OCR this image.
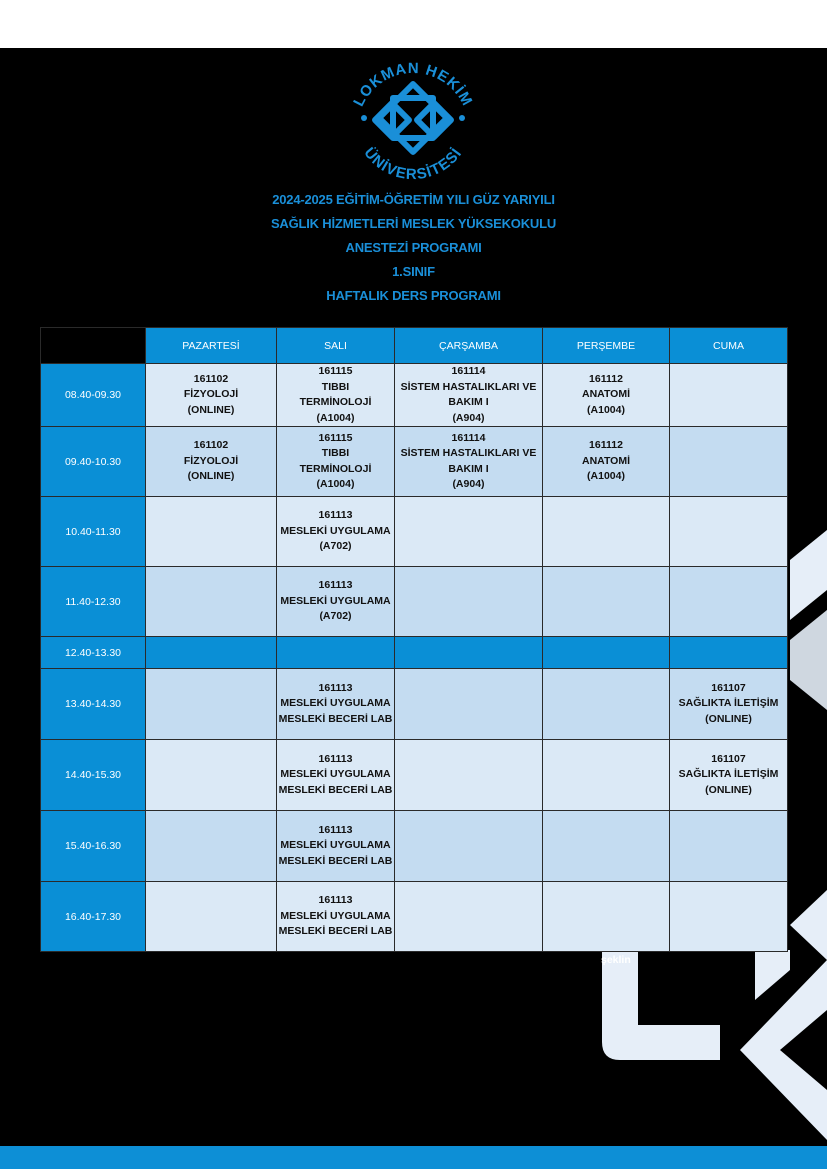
LOKMAN HEKİM
ÜNİVERSİTESİ
2024-2025 EĞİTİM-ÖĞRETİM YILI GÜZ YARIYILI
SAĞLIK HİZMETLERİ MESLEK YÜKSEKOKULU
ANESTEZİ PROGRAMI
1.SINIF
HAFTALIK DERS PROGRAMI
	PAZARTESİ	SALI	ÇARŞAMBA	PERŞEMBE	CUMA
08.40-09.30	161102
FİZYOLOJİ
(ONLINE)	161115
TIBBI
TERMİNOLOJİ
(A1004)	161114
SİSTEM HASTALIKLARI VE
BAKIM I
(A904)	161112
ANATOMİ
(A1004)	

09.40-10.30	161102
FİZYOLOJİ
(ONLINE)	161115
TIBBI
TERMİNOLOJİ
(A1004)	161114
SİSTEM HASTALIKLARI VE
BAKIM I
(A904)	161112
ANATOMİ
(A1004)	

10.40-11.30		161113
MESLEKİ UYGULAMA
(A702)			

11.40-12.30		161113
MESLEKİ UYGULAMA
(A702)			

12.40-13.30					
13.40-14.30		161113
MESLEKİ UYGULAMA
MESLEKİ BECERİ LAB			161107
SAĞLIKTA İLETİŞİM
(ONLINE)

14.40-15.30		161113
MESLEKİ UYGULAMA
MESLEKİ BECERİ LAB			161107
SAĞLIKTA İLETİŞİM
(ONLINE)

15.40-16.30		161113
MESLEKİ UYGULAMA
MESLEKİ BECERİ LAB			

16.40-17.30		161113
MESLEKİ UYGULAMA
MESLEKİ BECERİ LAB			

şeklin
